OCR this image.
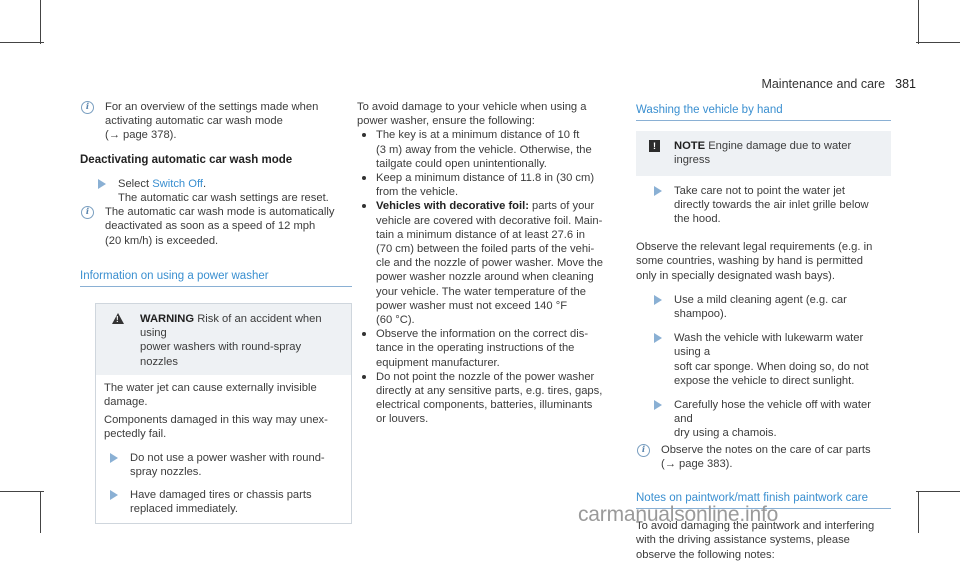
Maintenance and care 381
i	For an overview of the settings made when
activating automatic car wash mode
(→ page 378).
Deactivating automatic car wash mode
Select Switch Off.
The automatic car wash settings are reset.
i	The automatic car wash mode is automatically
deactivated as soon as a speed of 12 mph
(20 km/h) is exceeded.
Information on using a power washer
! WARNING Risk of an accident when using
power washers with round-spray nozzles
The water jet can cause externally invisible
damage.
Components damaged in this way may unex-
pectedly fail.
Do not use a power washer with round-
spray nozzles.
Have damaged tires or chassis parts
replaced immediately.
To avoid damage to your vehicle when using a
power washer, ensure the following:
The key is at a minimum distance of 10 ft
(3 m) away from the vehicle. Otherwise, the
tailgate could open unintentionally.
Keep a minimum distance of 11.8 in (30 cm)
from the vehicle.
Vehicles with decorative foil: parts of your
vehicle are covered with decorative foil. Main-
tain a minimum distance of at least 27.6 in
(70 cm) between the foiled parts of the vehi-
cle and the nozzle of power washer. Move the
power washer nozzle around when cleaning
your vehicle. The water temperature of the
power washer must not exceed 140 °F
(60 °C).
Observe the information on the correct dis-
tance in the operating instructions of the
equipment manufacturer.
Do not point the nozzle of the power washer
directly at any sensitive parts, e.g. tires, gaps,
electrical components, batteries, illuminants
or louvers.
Washing the vehicle by hand
!	NOTE Engine damage due to water ingress
Take care not to point the water jet
directly towards the air inlet grille below
the hood.
Observe the relevant legal requirements (e.g. in
some countries, washing by hand is permitted
only in specially designated wash bays).
Use a mild cleaning agent (e.g. car shampoo).
Wash the vehicle with lukewarm water using a
soft car sponge. When doing so, do not
expose the vehicle to direct sunlight.
Carefully hose the vehicle off with water and
dry using a chamois.
i	Observe the notes on the care of car parts
(→ page 383).
Notes on paintwork/matt finish paintwork care
To avoid damaging the paintwork and interfering
with the driving assistance systems, please
observe the following notes:
carmanualsonline.info
